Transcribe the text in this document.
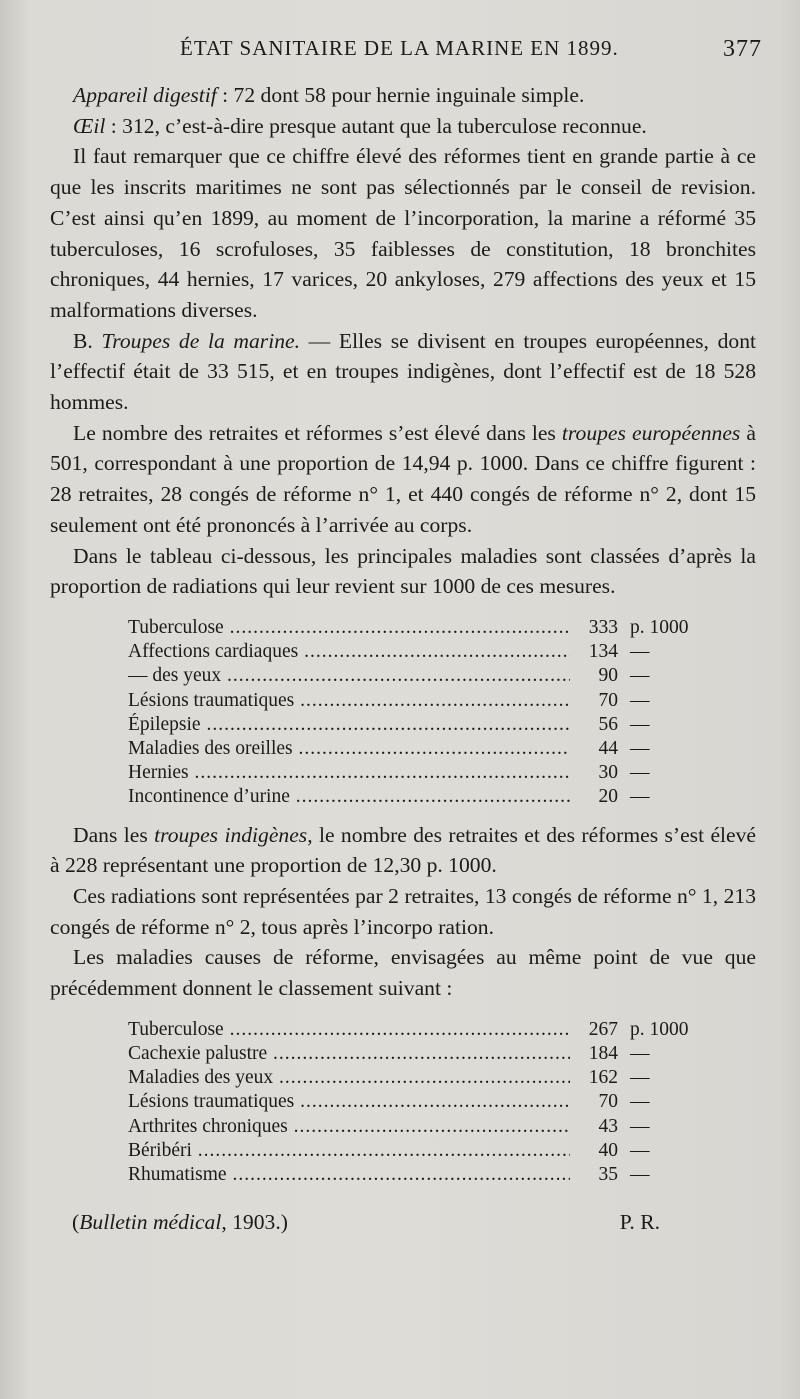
ÉTAT SANITAIRE DE LA MARINE EN 1899.	377

Appareil digestif : 72 dont 58 pour hernie inguinale simple.

Œil : 312, c’est-à-dire presque autant que la tuberculose reconnue.

Il faut remarquer que ce chiffre élevé des réformes tient en grande partie à ce que les inscrits maritimes ne sont pas sélectionnés par le conseil de revision. C’est ainsi qu’en 1899, au moment de l’incorporation, la marine a réformé 35 tuberculoses, 16 scrofuloses, 35 faiblesses de constitution, 18 bronchites chroniques, 44 hernies, 17 varices, 20 ankyloses, 279 affections des yeux et 15 malformations diverses.

B. Troupes de la marine. — Elles se divisent en troupes européennes, dont l’effectif était de 33 515, et en troupes indigènes, dont l’effectif est de 18 528 hommes.

Le nombre des retraites et réformes s’est élevé dans les troupes européennes à 501, correspondant à une proportion de 14,94 p. 1000. Dans ce chiffre figurent : 28 retraites, 28 congés de réforme n° 1, et 440 congés de réforme n° 2, dont 15 seulement ont été prononcés à l’arrivée au corps.

Dans le tableau ci-dessous, les principales maladies sont classées d’après la proportion de radiations qui leur revient sur 1000 de ces mesures.

Tuberculose .....	333 p. 1000
Affections cardiaques .....	134 —
— des yeux .....	90 —
Lésions traumatiques .....	70 —
Épilepsie .....	56 —
Maladies des oreilles .....	44 —
Hernies .....	30 —
Incontinence d’urine .....	20 —

Dans les troupes indigènes, le nombre des retraites et des réformes s’est élevé à 228 représentant une proportion de 12,30 p. 1000.

Ces radiations sont représentées par 2 retraites, 13 congés de réforme n° 1, 213 congés de réforme n° 2, tous après l’incorpo ration.

Les maladies causes de réforme, envisagées au même point de vue que précédemment donnent le classement suivant :

Tuberculose .....	267 p. 1000
Cachexie palustre .....	184 —
Maladies des yeux .....	162 —
Lésions traumatiques .....	70 —
Arthrites chroniques .....	43 —
Béribéri .....	40 —
Rhumatisme .....	35 —
(Bulletin médical, 1903.)	P. R.
